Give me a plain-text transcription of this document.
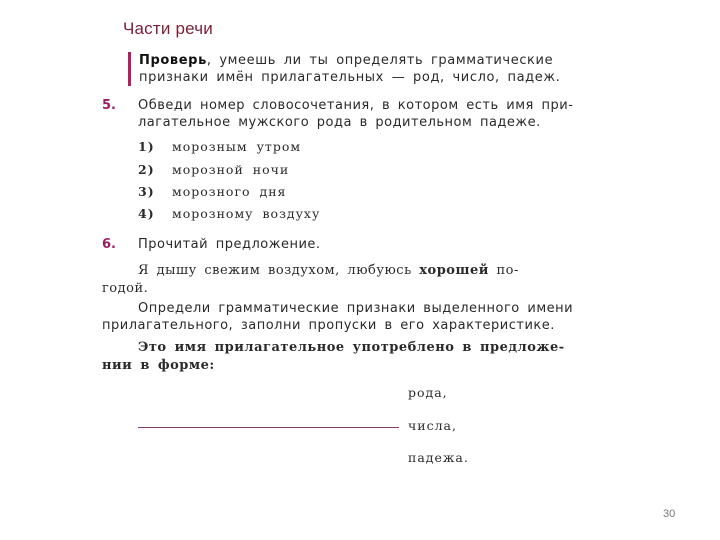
Части речи
Проверь, умеешь ли ты определять грамматические
признаки имён прилагательных — род, число, падеж.
5. Обведи номер словосочетания, в котором есть имя при-
лагательное мужского рода в родительном падеже.
1) морозным утром
2) морозной ночи
3) морозного дня
4) морозному воздуху
6. Прочитай предложение.
Я дышу свежим воздухом, любуюсь хорошей по-
годой.
Определи грамматические признаки выделенного имени
прилагательного, заполни пропуски в его характеристике.
Это имя прилагательное употреблено в предложе-
нии в форме:
рода,
числа,
падежа.
30
